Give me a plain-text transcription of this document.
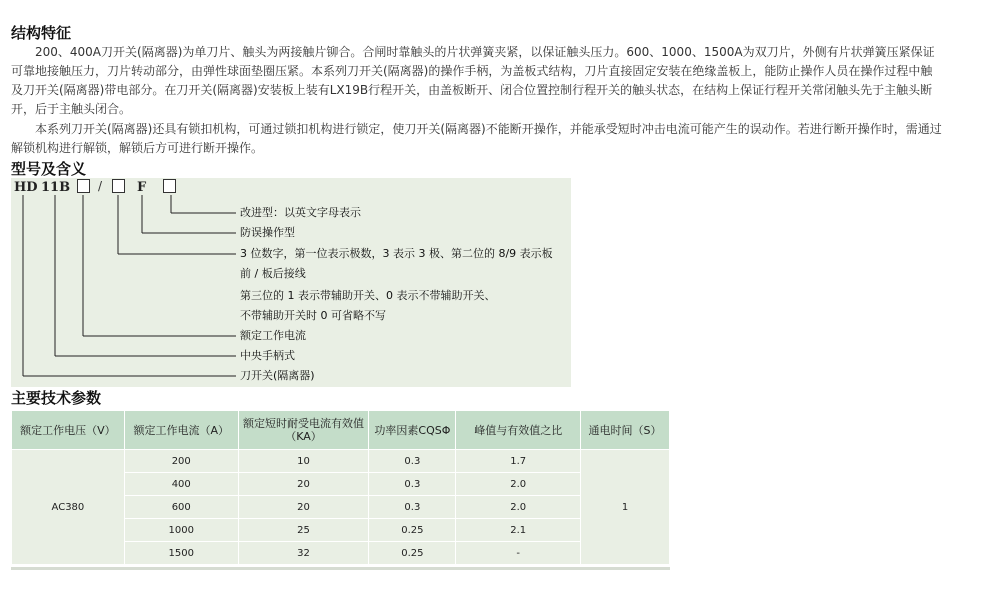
结构特征

200、400A刀开关(隔离器)为单刀片、触头为两接触片铆合。合闸时靠触头的片状弹簧夹紧，以保证触头压力。600、1000、1500A为双刀片，外侧有片状弹簧压紧保证可靠地接触压力，刀片转动部分，由弹性球面垫圈压紧。本系列刀开关(隔离器)的操作手柄，为盖板式结构，刀片直接固定安装在绝缘盖板上，能防止操作人员在操作过程中触及刀开关(隔离器)带电部分。在刀开关(隔离器)安装板上装有LX19B行程开关，由盖板断开、闭合位置控制行程开关的触头状态，在结构上保证行程开关常闭触头先于主触头断开，后于主触头闭合。

本系列刀开关(隔离器)还具有锁扣机构，可通过锁扣机构进行锁定，使刀开关(隔离器)不能断开操作，并能承受短时冲击电流可能产生的误动作。若进行断开操作时，需通过解锁机构进行解锁，解锁后方可进行断开操作。

型号及含义
HD 11B /	F
改进型：以英文字母表示
防误操作型
3 位数字，第一位表示极数，3 表示 3 极、第二位的 8/9 表示板
前 / 板后接线
第三位的 1 表示带辅助开关、0 表示不带辅助开关、
不带辅助开关时 0 可省略不写
额定工作电流
中央手柄式
刀开关(隔离器)
主要技术参数
额定工作电压（V）	额定工作电流（A）	额定短时耐受电流有效值（KA）	功率因素CQSΦ	峰值与有效值之比	通电时间（S）
AC380	200	10	0.3	1.7	1
	400	20	0.3	2.0	
	600	20	0.3	2.0	
	1000	25	0.25	2.1	
	1500	32	0.25	-	
